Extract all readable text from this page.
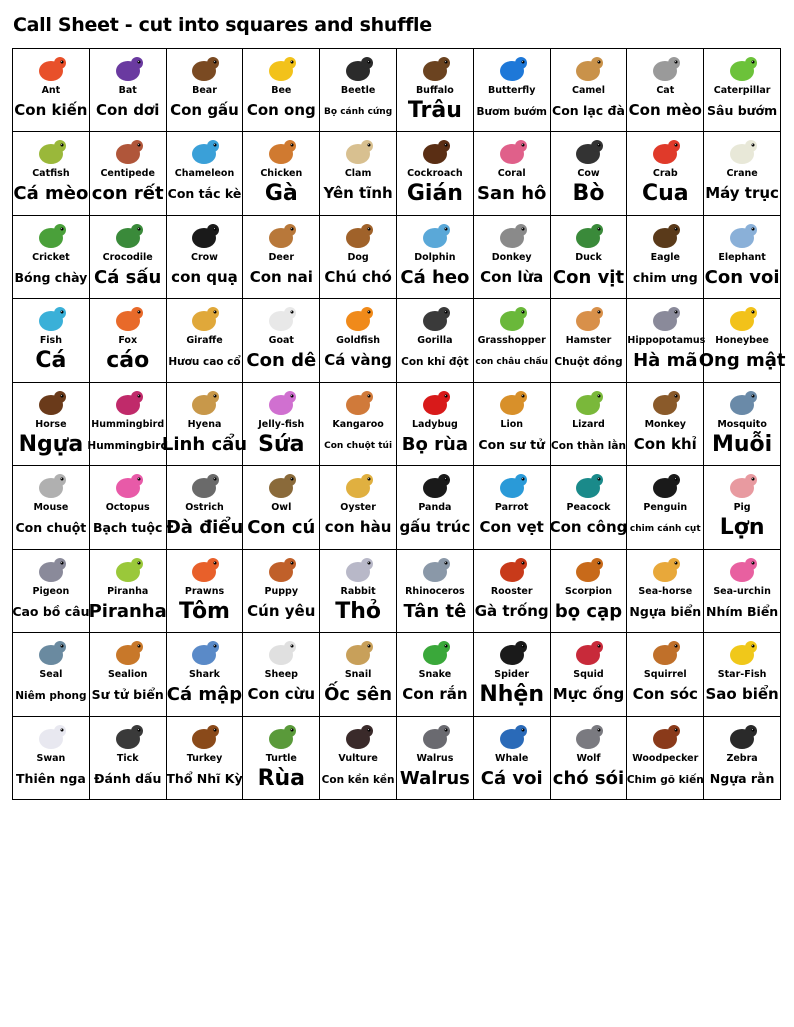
Call Sheet - cut into squares and shuffle
Ant
Con kiến
Bat
Con dơi
Bear
Con gấu
Bee
Con ong
Beetle
Bọ cánh cứng
Buffalo
Trâu
Butterfly
Bươm bướm
Camel
Con lạc đà
Cat
Con mèo
Caterpillar
Sâu bướm
Catfish
Cá mèo
Centipede
con rết
Chameleon
Con tắc kè
Chicken
Gà
Clam
Yên tĩnh
Cockroach
Gián
Coral
San hô
Cow
Bò
Crab
Cua
Crane
Máy trục
Cricket
Bóng chày
Crocodile
Cá sấu
Crow
con quạ
Deer
Con nai
Dog
Chú chó
Dolphin
Cá heo
Donkey
Con lừa
Duck
Con vịt
Eagle
chim ưng
Elephant
Con voi
Fish
Cá
Fox
cáo
Giraffe
Hươu cao cổ
Goat
Con dê
Goldfish
Cá vàng
Gorilla
Con khỉ đột
Grasshopper
con châu chấu
Hamster
Chuột đồng
Hippopotamus
Hà mã
Honeybee
Ong mật
Horse
Ngựa
Hummingbird
Hummingbird
Hyena
Linh cẩu
Jelly-fish
Sứa
Kangaroo
Con chuột túi
Ladybug
Bọ rùa
Lion
Con sư tử
Lizard
Con thằn lằn
Monkey
Con khỉ
Mosquito
Muỗi
Mouse
Con chuột
Octopus
Bạch tuộc
Ostrich
Đà điểu
Owl
Con cú
Oyster
con hàu
Panda
gấu trúc
Parrot
Con vẹt
Peacock
Con công
Penguin
chim cánh cụt
Pig
Lợn
Pigeon
Cao bồ câu
Piranha
Piranha
Prawns
Tôm
Puppy
Cún yêu
Rabbit
Thỏ
Rhinoceros
Tân tê
Rooster
Gà trống
Scorpion
bọ cạp
Sea-horse
Ngựa biển
Sea-urchin
Nhím Biển
Seal
Niêm phong
Sealion
Sư tử biển
Shark
Cá mập
Sheep
Con cừu
Snail
Ốc sên
Snake
Con rắn
Spider
Nhện
Squid
Mực ống
Squirrel
Con sóc
Star-Fish
Sao biển
Swan
Thiên nga
Tick
Đánh dấu
Turkey
Thổ Nhĩ Kỳ
Turtle
Rùa
Vulture
Con kền kền
Walrus
Walrus
Whale
Cá voi
Wolf
chó sói
Woodpecker
Chim gõ kiến
Zebra
Ngựa rằn
